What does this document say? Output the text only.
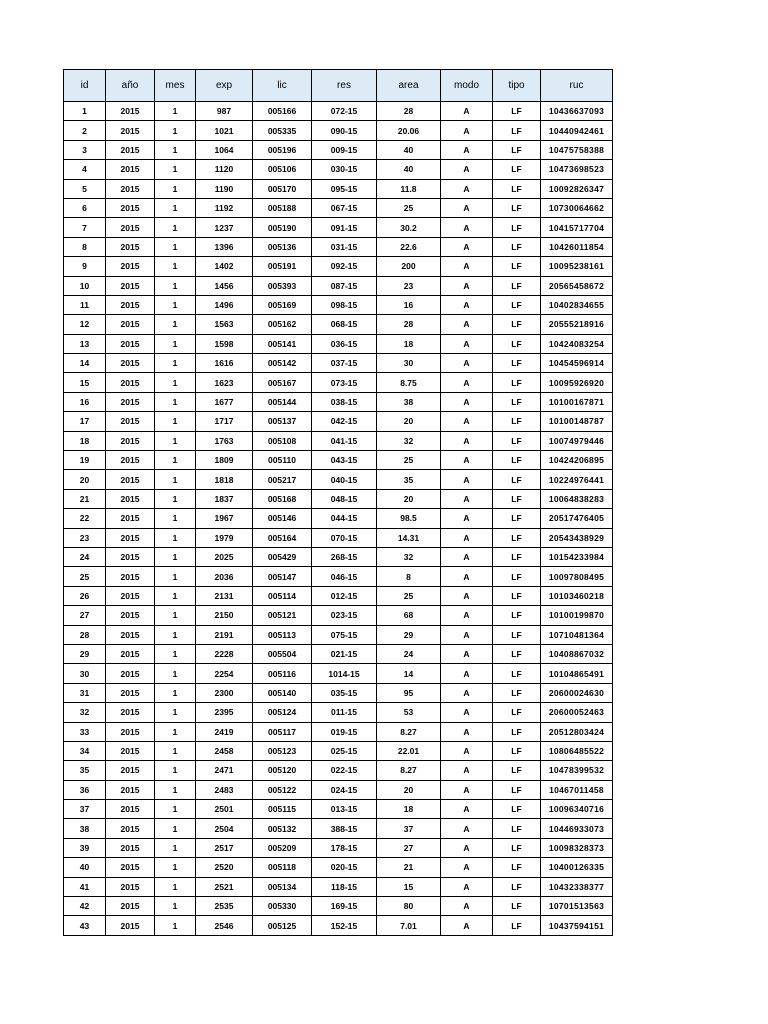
id	año	mes	exp	lic	res	area	modo	tipo	ruc
1	2015	1	987	005166	072-15	28	A	LF	10436637093
2	2015	1	1021	005335	090-15	20.06	A	LF	10440942461
3	2015	1	1064	005196	009-15	40	A	LF	10475758388
4	2015	1	1120	005106	030-15	40	A	LF	10473698523
5	2015	1	1190	005170	095-15	11.8	A	LF	10092826347
6	2015	1	1192	005188	067-15	25	A	LF	10730064662
7	2015	1	1237	005190	091-15	30.2	A	LF	10415717704
8	2015	1	1396	005136	031-15	22.6	A	LF	10426011854
9	2015	1	1402	005191	092-15	200	A	LF	10095238161
10	2015	1	1456	005393	087-15	23	A	LF	20565458672
11	2015	1	1496	005169	098-15	16	A	LF	10402834655
12	2015	1	1563	005162	068-15	28	A	LF	20555218916
13	2015	1	1598	005141	036-15	18	A	LF	10424083254
14	2015	1	1616	005142	037-15	30	A	LF	10454596914
15	2015	1	1623	005167	073-15	8.75	A	LF	10095926920
16	2015	1	1677	005144	038-15	38	A	LF	10100167871
17	2015	1	1717	005137	042-15	20	A	LF	10100148787
18	2015	1	1763	005108	041-15	32	A	LF	10074979446
19	2015	1	1809	005110	043-15	25	A	LF	10424206895
20	2015	1	1818	005217	040-15	35	A	LF	10224976441
21	2015	1	1837	005168	048-15	20	A	LF	10064838283
22	2015	1	1967	005146	044-15	98.5	A	LF	20517476405
23	2015	1	1979	005164	070-15	14.31	A	LF	20543438929
24	2015	1	2025	005429	268-15	32	A	LF	10154233984
25	2015	1	2036	005147	046-15	8	A	LF	10097808495
26	2015	1	2131	005114	012-15	25	A	LF	10103460218
27	2015	1	2150	005121	023-15	68	A	LF	10100199870
28	2015	1	2191	005113	075-15	29	A	LF	10710481364
29	2015	1	2228	005504	021-15	24	A	LF	10408867032
30	2015	1	2254	005116	1014-15	14	A	LF	10104865491
31	2015	1	2300	005140	035-15	95	A	LF	20600024630
32	2015	1	2395	005124	011-15	53	A	LF	20600052463
33	2015	1	2419	005117	019-15	8.27	A	LF	20512803424
34	2015	1	2458	005123	025-15	22.01	A	LF	10806485522
35	2015	1	2471	005120	022-15	8.27	A	LF	10478399532
36	2015	1	2483	005122	024-15	20	A	LF	10467011458
37	2015	1	2501	005115	013-15	18	A	LF	10096340716
38	2015	1	2504	005132	388-15	37	A	LF	10446933073
39	2015	1	2517	005209	178-15	27	A	LF	10098328373
40	2015	1	2520	005118	020-15	21	A	LF	10400126335
41	2015	1	2521	005134	118-15	15	A	LF	10432338377
42	2015	1	2535	005330	169-15	80	A	LF	10701513563
43	2015	1	2546	005125	152-15	7.01	A	LF	10437594151
